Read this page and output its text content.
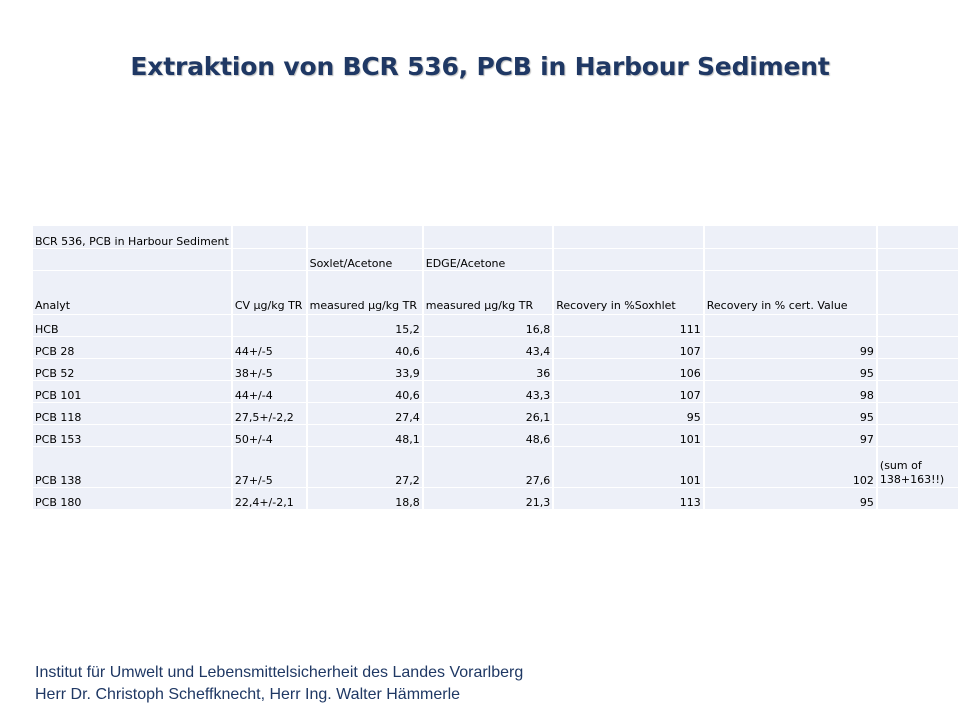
Extraktion von BCR 536, PCB in Harbour Sediment
BCR 536, PCB in Harbour Sediment						
		Soxlet/Acetone	EDGE/Acetone			
Analyt	CV µg/kg TR	measured µg/kg TR	measured µg/kg TR	Recovery in %Soxhlet	Recovery in % cert. Value	
HCB		15,2	16,8	111		
PCB 28	44+/-5	40,6	43,4	107	99	
PCB 52	38+/-5	33,9	36	106	95	
PCB 101	44+/-4	40,6	43,3	107	98	
PCB 118	27,5+/-2,2	27,4	26,1	95	95	
PCB 153	50+/-4	48,1	48,6	101	97	
PCB 138	27+/-5	27,2	27,6	101	102	(sum of 138+163!!)
PCB 180	22,4+/-2,1	18,8	21,3	113	95	
Institut für Umwelt und Lebensmittelsicherheit des Landes Vorarlberg
Herr Dr. Christoph Scheffknecht, Herr Ing. Walter Hämmerle
